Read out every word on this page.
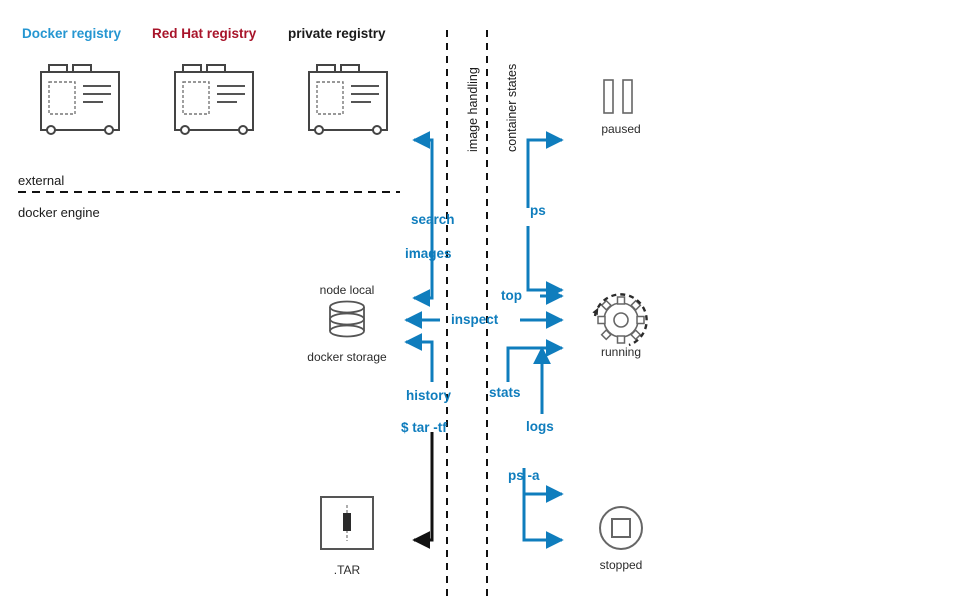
Docker registry Red Hat registry private registry
external
docker engine
image handling container states
node local
docker storage
.TAR
paused
running
stopped
search
images
history
$ tar -tf
inspect
ps
top
stats
logs
ps -a
